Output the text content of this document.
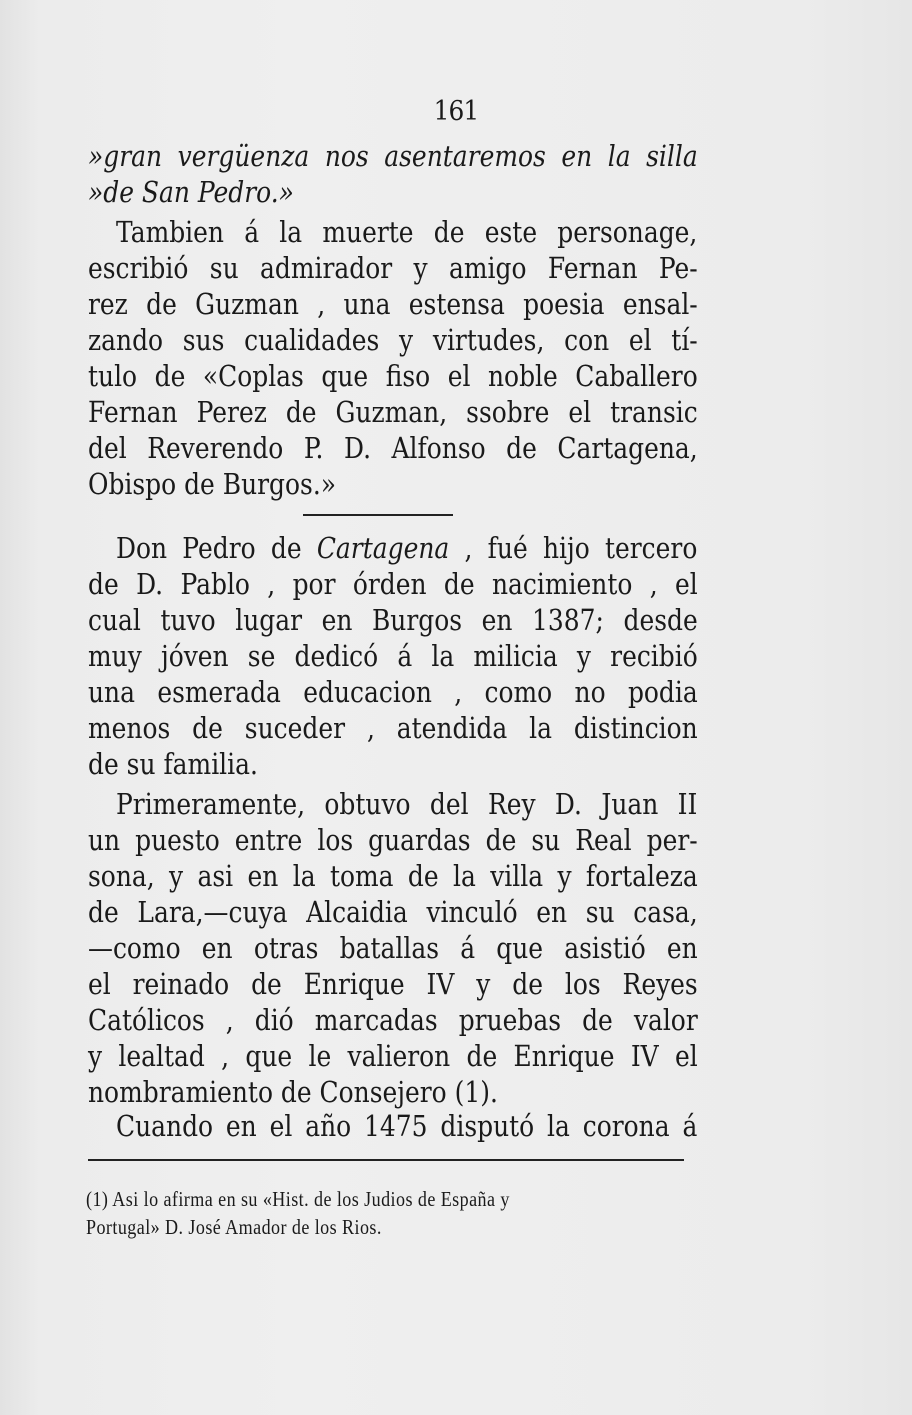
161
»gran vergüenza nos asentaremos en la silla
»de San Pedro.»
Tambien á la muerte de este personage,
escribió su admirador y amigo Fernan Pe-
rez de Guzman , una estensa poesia ensal-
zando sus cualidades y virtudes, con el tí-
tulo de «Coplas que fiso el noble Caballero
Fernan Perez de Guzman, ssobre el transic
del Reverendo P. D. Alfonso de Cartagena,
Obispo de Burgos.»
Don Pedro de Cartagena , fué hijo tercero
de D. Pablo , por órden de nacimiento , el
cual tuvo lugar en Burgos en 1387; desde
muy jóven se dedicó á la milicia y recibió
una esmerada educacion , como no podia
menos de suceder , atendida la distincion
de su familia.
Primeramente, obtuvo del Rey D. Juan II
un puesto entre los guardas de su Real per-
sona, y asi en la toma de la villa y fortaleza
de Lara,—cuya Alcaidia vinculó en su casa,
—como en otras batallas á que asistió en
el reinado de Enrique IV y de los Reyes
Católicos , dió marcadas pruebas de valor
y lealtad , que le valieron de Enrique IV el
nombramiento de Consejero (1).
Cuando en el año 1475 disputó la corona á
(1) Asi lo afirma en su «Hist. de los Judios de España y
Portugal» D. José Amador de los Rios.
